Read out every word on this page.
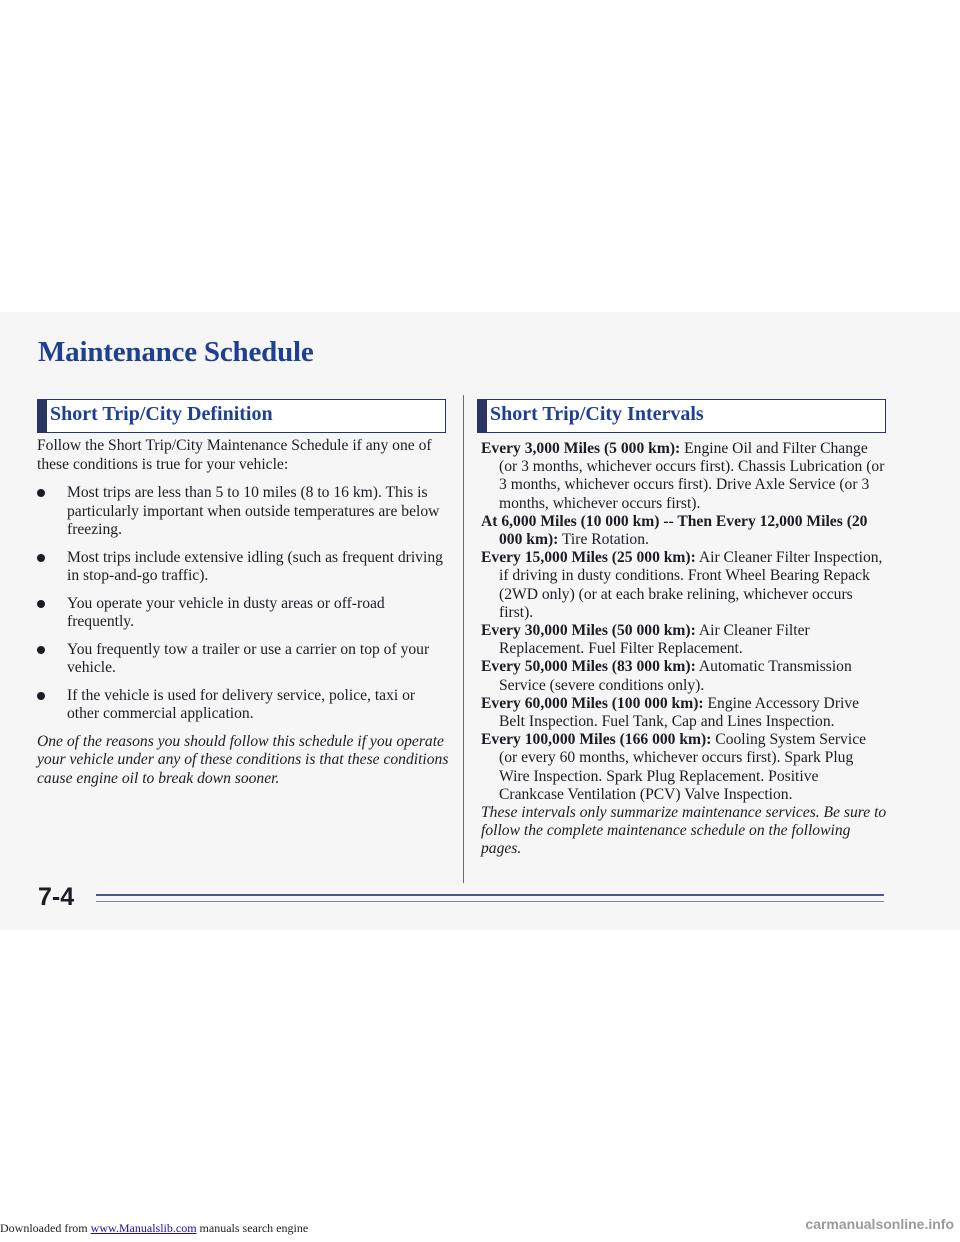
Maintenance Schedule
Short Trip/City Definition	Short Trip/City Intervals

Follow the Short Trip/City Maintenance Schedule if any one of these conditions is true for your vehicle:

Most trips are less than 5 to 10 miles (8 to 16 km). This is particularly important when outside temperatures are below freezing.
Most trips include extensive idling (such as frequent driving in stop-and-go traffic).
You operate your vehicle in dusty areas or off-road frequently.
You frequently tow a trailer or use a carrier on top of your vehicle.
If the vehicle is used for delivery service, police, taxi or other commercial application.

One of the reasons you should follow this schedule if you operate your vehicle under any of these conditions is that these conditions cause engine oil to break down sooner.

Every 3,000 Miles (5 000 km): Engine Oil and Filter Change (or 3 months, whichever occurs first). Chassis Lubrication (or 3 months, whichever occurs first). Drive Axle Service (or 3 months, whichever occurs first).

At 6,000 Miles (10 000 km) -- Then Every 12,000 Miles (20 000 km): Tire Rotation.

Every 15,000 Miles (25 000 km): Air Cleaner Filter Inspection, if driving in dusty conditions. Front Wheel Bearing Repack (2WD only) (or at each brake relining, whichever occurs first).

Every 30,000 Miles (50 000 km): Air Cleaner Filter Replacement. Fuel Filter Replacement.

Every 50,000 Miles (83 000 km): Automatic Transmission Service (severe conditions only).

Every 60,000 Miles (100 000 km): Engine Accessory Drive Belt Inspection. Fuel Tank, Cap and Lines Inspection.

Every 100,000 Miles (166 000 km): Cooling System Service (or every 60 months, whichever occurs first). Spark Plug Wire Inspection. Spark Plug Replacement. Positive Crankcase Ventilation (PCV) Valve Inspection.

These intervals only summarize maintenance services. Be sure to follow the complete maintenance schedule on the following pages.

7-4
Downloaded from www.Manualslib.com manuals search engine	carmanualsonline.info
